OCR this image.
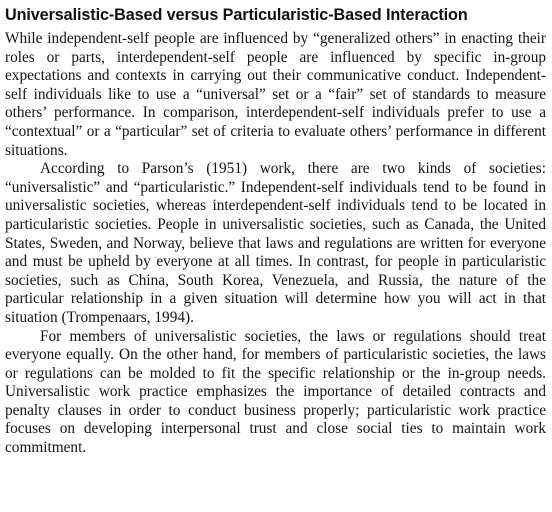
Universalistic-Based versus Particularistic-Based Interaction

While independent-self people are influenced by “generalized others” in enacting their roles or parts, interdependent-self people are influenced by specific in-group expectations and contexts in carrying out their communicative conduct. Independent-self individuals like to use a “universal” set or a “fair” set of standards to measure others’ performance. In comparison, interdependent-self individuals prefer to use a “contextual” or a “particular” set of criteria to evaluate others’ performance in different situations.

According to Parson’s (1951) work, there are two kinds of societies: “universalistic” and “particularistic.” Independent-self individuals tend to be found in universalistic societies, whereas interdependent-self individuals tend to be located in particularistic societies. People in universalistic societies, such as Canada, the United States, Sweden, and Norway, believe that laws and regulations are written for everyone and must be upheld by everyone at all times. In contrast, for people in particularistic societies, such as China, South Korea, Venezuela, and Russia, the nature of the particular relationship in a given situation will determine how you will act in that situation (Trompenaars, 1994).

For members of universalistic societies, the laws or regulations should treat everyone equally. On the other hand, for members of particularistic societies, the laws or regulations can be molded to fit the specific relationship or the in-group needs. Universalistic work practice emphasizes the importance of detailed contracts and penalty clauses in order to conduct business properly; particularistic work practice focuses on developing interpersonal trust and close social ties to maintain work commitment.
